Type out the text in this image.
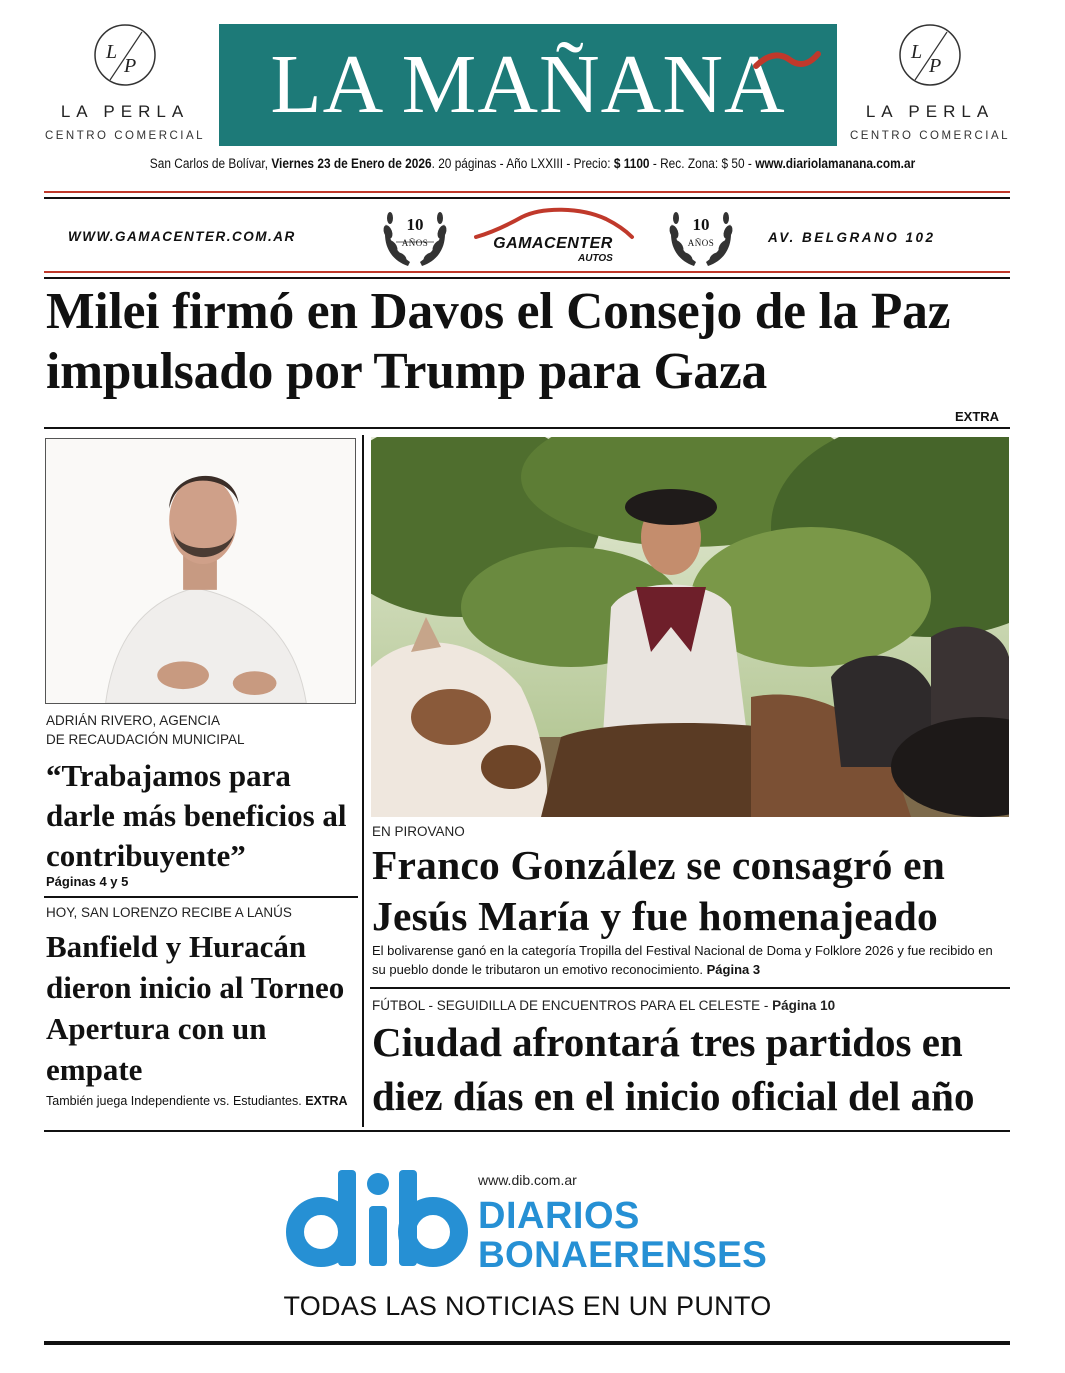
L
P
LA PERLA
CENTRO COMERCIAL
LA MAÑANA	L
P
LA PERLA
CENTRO COMERCIAL
San Carlos de Bolívar, Viernes 23 de Enero de 2026. 20 páginas - Año LXXIII - Precio: $ 1100 - Rec. Zona: $ 50 - www.diariolamanana.com.ar
WWW.GAMACENTER.COM.AR
10
AÑOS	GAMACENTER
AUTOS
10
AÑOS	AV. BELGRANO 102
Milei firmó en Davos el Consejo de la Paz impulsado por Trump para Gaza
EXTRA
ADRIÁN RIVERO, AGENCIA
DE RECAUDACIÓN MUNICIPAL
“Trabajamos para darle más beneficios al contribuyente”
Páginas 4 y 5
HOY, SAN LORENZO RECIBE A LANÚS
Banfield y Huracán dieron inicio al Torneo Apertura con un empate
También juega Independiente vs. Estudiantes. EXTRA
EN PIROVANO
Franco González se consagró en Jesús María y fue homenajeado
El bolivarense ganó en la categoría Tropilla del Festival Nacional de Doma y Folklore 2026 y fue recibido en su pueblo donde le tributaron un emotivo reconocimiento. Página 3
FÚTBOL - SEGUIDILLA DE ENCUENTROS PARA EL CELESTE - Página 10
Ciudad afrontará tres partidos en diez días en el inicio oficial del año
www.dib.com.ar
DIARIOS
BONAERENSES
TODAS LAS NOTICIAS EN UN PUNTO
